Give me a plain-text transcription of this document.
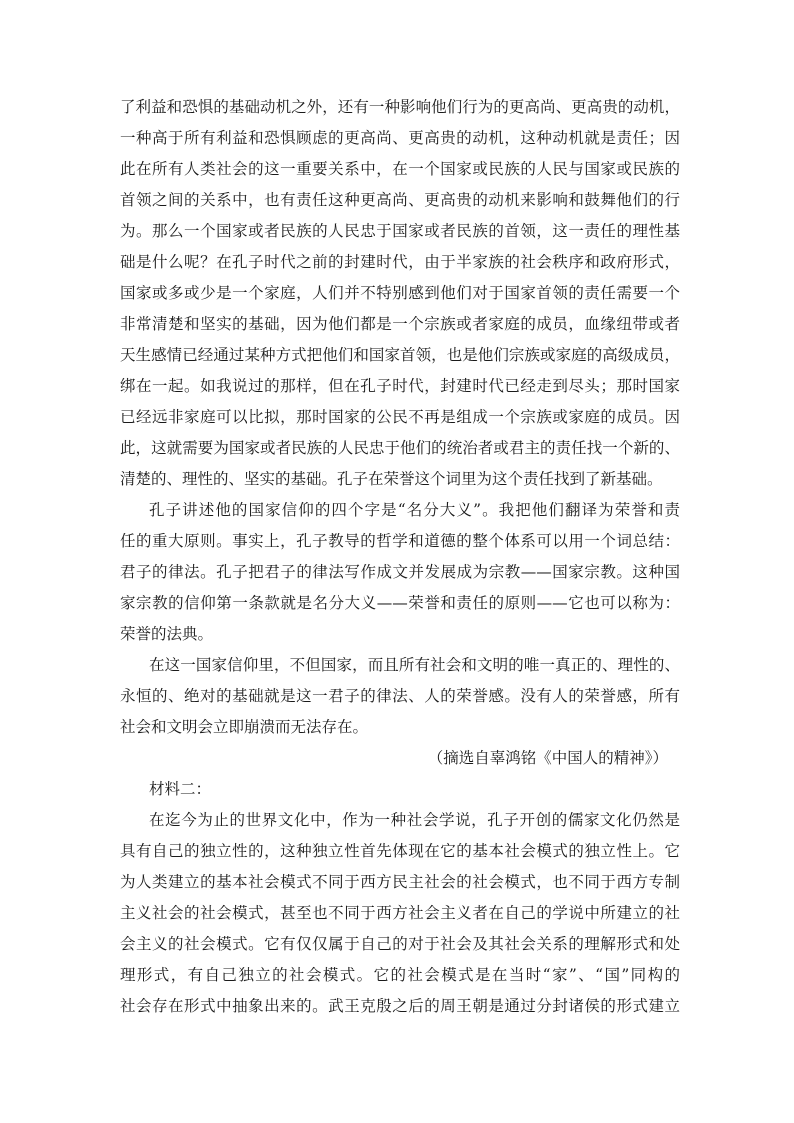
了利益和恐惧的基础动机之外，还有一种影响他们行为的更高尚、更高贵的动机，
一种高于所有利益和恐惧顾虑的更高尚、更高贵的动机，这种动机就是责任；因
此在所有人类社会的这一重要关系中，在一个国家或民族的人民与国家或民族的
首领之间的关系中，也有责任这种更高尚、更高贵的动机来影响和鼓舞他们的行
为。那么一个国家或者民族的人民忠于国家或者民族的首领，这一责任的理性基
础是什么呢？在孔子时代之前的封建时代，由于半家族的社会秩序和政府形式，
国家或多或少是一个家庭，人们并不特别感到他们对于国家首领的责任需要一个
非常清楚和坚实的基础，因为他们都是一个宗族或者家庭的成员，血缘纽带或者
天生感情已经通过某种方式把他们和国家首领，也是他们宗族或家庭的高级成员，
绑在一起。如我说过的那样，但在孔子时代，封建时代已经走到尽头；那时国家
已经远非家庭可以比拟，那时国家的公民不再是组成一个宗族或家庭的成员。因
此，这就需要为国家或者民族的人民忠于他们的统治者或君主的责任找一个新的、
清楚的、理性的、坚实的基础。孔子在荣誉这个词里为这个责任找到了新基础。
孔子讲述他的国家信仰的四个字是“名分大义”。我把他们翻译为荣誉和责
任的重大原则。事实上，孔子教导的哲学和道德的整个体系可以用一个词总结：
君子的律法。孔子把君子的律法写作成文并发展成为宗教——国家宗教。这种国
家宗教的信仰第一条款就是名分大义——荣誉和责任的原则——它也可以称为：
荣誉的法典。
在这一国家信仰里，不但国家，而且所有社会和文明的唯一真正的、理性的、
永恒的、绝对的基础就是这一君子的律法、人的荣誉感。没有人的荣誉感，所有
社会和文明会立即崩溃而无法存在。
（摘选自辜鸿铭《中国人的精神》）
材料二：
在迄今为止的世界文化中，作为一种社会学说，孔子开创的儒家文化仍然是
具有自己的独立性的，这种独立性首先体现在它的基本社会模式的独立性上。它
为人类建立的基本社会模式不同于西方民主社会的社会模式，也不同于西方专制
主义社会的社会模式，甚至也不同于西方社会主义者在自己的学说中所建立的社
会主义的社会模式。它有仅仅属于自己的对于社会及其社会关系的理解形式和处
理形式，有自己独立的社会模式。它的社会模式是在当时“家”、“国”同构的
社会存在形式中抽象出来的。武王克殷之后的周王朝是通过分封诸侯的形式建立
